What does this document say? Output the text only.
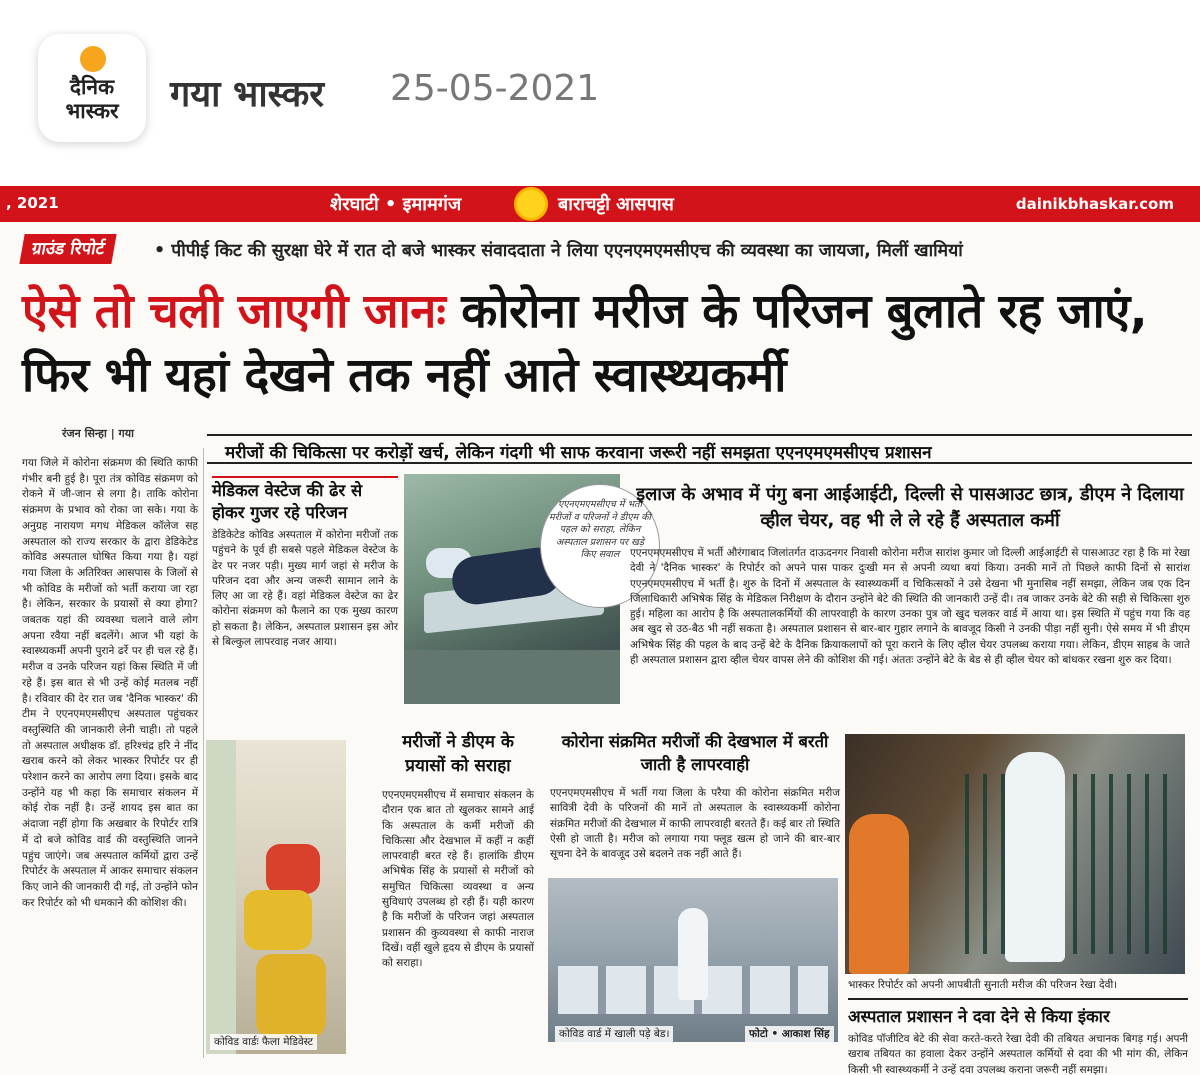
दैनिक
भास्कर	गया भास्कर 25-05-2021
, 2021	शेरघाटी • इमामगंज	बाराचट्टी आसपास	dainikbhaskar.com
ग्राउंड रिपोर्ट	• पीपीई किट की सुरक्षा घेरे में रात दो बजे भास्कर संवाददाता ने लिया एएनएमएमसीएच की व्यवस्था का जायजा, मिलीं खामियां
ऐसे तो चली जाएगी जानः कोरोना मरीज के परिजन बुलाते रह जाएं, फिर भी यहां देखने तक नहीं आते स्वास्थ्यकर्मी
रंजन सिन्हा | गया
मरीजों की चिकित्सा पर करोड़ों खर्च, लेकिन गंदगी भी साफ करवाना जरूरी नहीं समझता एएनएमएमसीएच प्रशासन
गया जिले में कोरोना संक्रमण की स्थिति काफी गंभीर बनी हुई है। पूरा तंत्र कोविड संक्रमण को रोकने में जी-जान से लगा है। ताकि कोरोना संक्रमण के प्रभाव को रोका जा सके। गया के अनुग्रह नारायण मगध मेडिकल कॉलेज सह अस्पताल को राज्य सरकार के द्वारा डेडिकेटेड कोविड अस्पताल घोषित किया गया है। यहां गया जिला के अतिरिक्त आसपास के जिलों से भी कोविड के मरीजों को भर्ती कराया जा रहा है। लेकिन, सरकार के प्रयासों से क्या होगा? जबतक यहां की व्यवस्था चलाने वाले लोग अपना रवैया नहीं बदलेंगे। आज भी यहां के स्वास्थ्यकर्मी अपनी पुराने ढर्रे पर ही चल रहे हैं। मरीज व उनके परिजन यहां किस स्थिति में जी रहे हैं। इस बात से भी उन्हें कोई मतलब नहीं है। रविवार की देर रात जब 'दैनिक भास्कर' की टीम ने एएनएमएमसीएच अस्पताल पहुंचकर वस्तुस्थिति की जानकारी लेनी चाही। तो पहले तो अस्पताल अधीक्षक डॉ. हरिश्चंद्र हरि ने नींद खराब करने को लेकर भास्कर रिपोर्टर पर ही परेशान करने का आरोप लगा दिया। इसके बाद उन्होंने यह भी कहा कि समाचार संकलन में कोई रोक नहीं है। उन्हें शायद इस बात का अंदाजा नहीं होगा कि अखबार के रिपोर्टर रात्रि में दो बजे कोविड वार्ड की वस्तुस्थिति जानने पहुंच जाएंगे। जब अस्पताल कर्मियों द्वारा उन्हें रिपोर्टर के अस्पताल में आकर समाचार संकलन किए जाने की जानकारी दी गई, तो उन्होंने फोन कर रिपोर्टर को भी धमकाने की कोशिश की।
मेडिकल वेस्टेज की ढेर से होकर गुजर रहे परिजन
डेडिकेटेड कोविड अस्पताल में कोरोना मरीजों तक पहुंचने के पूर्व ही सबसे पहले मेडिकल वेस्टेज के ढेर पर नजर पड़ी। मुख्य मार्ग जहां से मरीज के परिजन दवा और अन्य जरूरी सामान लाने के लिए आ जा रहे हैं। वहां मेडिकल वेस्टेज का ढेर कोरोना संक्रमण को फैलाने का एक मुख्य कारण हो सकता है। लेकिन, अस्पताल प्रशासन इस ओर से बिल्कुल लापरवाह नजर आया।
एएनएमएमसीएच में भर्ती मरीजों व परिजनों ने डीएम की पहल को सराहा, लेकिन अस्पताल प्रशासन पर खड़े किए सवाल
इलाज के अभाव में पंगु बना आईआईटी, दिल्ली से पासआउट छात्र, डीएम ने दिलाया व्हील चेयर, वह भी ले ले रहे हैं अस्पताल कर्मी
एएनएमएमसीएच में भर्ती औरंगाबाद जिलांतर्गत दाऊदनगर निवासी कोरोना मरीज सारांश कुमार जो दिल्ली आईआईटी से पासआउट रहा है कि मां रेखा देवी ने 'दैनिक भास्कर' के रिपोर्टर को अपने पास पाकर दुःखी मन से अपनी व्यथा बयां किया। उनकी मानें तो पिछले काफी दिनों से सारांश एएनएमएमसीएच में भर्ती है। शुरु के दिनों में अस्पताल के स्वास्थ्यकर्मी व चिकित्सकों ने उसे देखना भी मुनासिब नहीं समझा, लेकिन जब एक दिन जिलाधिकारी अभिषेक सिंह के मेडिकल निरीक्षण के दौरान उन्होंने बेटे की स्थिति की जानकारी उन्हें दी। तब जाकर उनके बेटे की सही से चिकित्सा शुरु हुई। महिला का आरोप है कि अस्पतालकर्मियों की लापरवाही के कारण उनका पुत्र जो खुद चलकर वार्ड में आया था। इस स्थिति में पहुंच गया कि वह अब खुद से उठ-बैठ भी नहीं सकता है। अस्पताल प्रशासन से बार-बार गुहार लगाने के बावजूद किसी ने उनकी पीड़ा नहीं सुनी। ऐसे समय में भी डीएम अभिषेक सिंह की पहल के बाद उन्हें बेटे के दैनिक क्रियाकलापों को पूरा कराने के लिए व्हील चेयर उपलब्ध कराया गया। लेकिन, डीएम साहब के जाते ही अस्पताल प्रशासन द्वारा व्हील चेयर वापस लेने की कोशिश की गई। अंततः उन्होंने बेटे के बेड से ही व्हील चेयर को बांधकर रखना शुरु कर दिया।
कोविड वार्डः फैला मेडिवेस्ट
मरीजों ने डीएम के प्रयासों को सराहा
एएनएमएमसीएच में समाचार संकलन के दौरान एक बात तो खुलकर सामने आई कि अस्पताल के कर्मी मरीजों की चिकित्सा और देखभाल में कहीं न कहीं लापरवाही बरत रहे हैं। हालांकि डीएम अभिषेक सिंह के प्रयासों से मरीजों को समुचित चिकित्सा व्यवस्था व अन्य सुविधाएं उपलब्ध हो रही हैं। यही कारण है कि मरीजों के परिजन जहां अस्पताल प्रशासन की कुव्यवस्था से काफी नाराज दिखें। वहीं खुले हृदय से डीएम के प्रयासों को सराहा।
कोरोना संक्रमित मरीजों की देखभाल में बरती जाती है लापरवाही
एएनएमएमसीएच में भर्ती गया जिला के परैया की कोरोना संक्रमित मरीज सावित्री देवी के परिजनों की मानें तो अस्पताल के स्वास्थ्यकर्मी कोरोना संक्रमित मरीजों की देखभाल में काफी लापरवाही बरतते हैं। कई बार तो स्थिति ऐसी हो जाती है। मरीज को लगाया गया फ्लूड खत्म हो जाने की बार-बार सूचना देने के बावजूद उसे बदलने तक नहीं आते हैं।
कोविड वार्ड में खाली पड़े बेड।	फोटो • आकाश सिंह
भास्कर रिपोर्टर को अपनी आपबीती सुनाती मरीज की परिजन रेखा देवी।
अस्पताल प्रशासन ने दवा देने से किया इंकार
कोविड पॉजीटिव बेटे की सेवा करते-करते रेखा देवी की तबियत अचानक बिगड़ गई। अपनी खराब तबियत का हवाला देकर उन्होंने अस्पताल कर्मियों से दवा की भी मांग की, लेकिन किसी भी स्वास्थ्यकर्मी ने उन्हें दवा उपलब्ध कराना जरूरी नहीं समझा।
